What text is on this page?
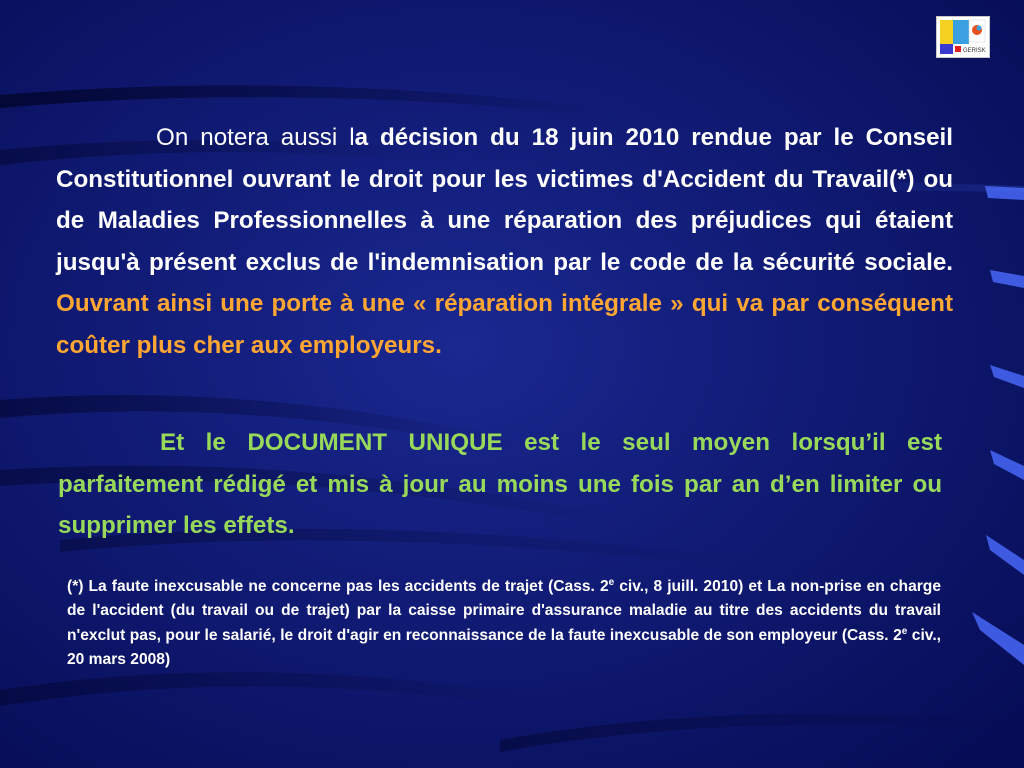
GERISK
On notera aussi la décision du 18 juin 2010 rendue par le Conseil Constitutionnel ouvrant le droit pour les victimes d'Accident du Travail(*) ou de Maladies Professionnelles à une réparation des préjudices qui étaient jusqu'à présent exclus de l'indemnisation par le code de la sécurité sociale. Ouvrant ainsi une porte à une « réparation intégrale » qui va par conséquent coûter plus cher aux employeurs.
Et le DOCUMENT UNIQUE est le seul moyen lorsqu’il est parfaitement rédigé et mis à jour au moins une fois par an d’en limiter ou supprimer les effets.
(*) La faute inexcusable ne concerne pas les accidents de trajet (Cass. 2e civ., 8 juill. 2010) et La non-prise en charge de l'accident (du travail ou de trajet) par la caisse primaire d'assurance maladie au titre des accidents du travail n'exclut pas, pour le salarié, le droit d'agir en reconnaissance de la faute inexcusable de son employeur (Cass. 2e civ., 20 mars 2008)
